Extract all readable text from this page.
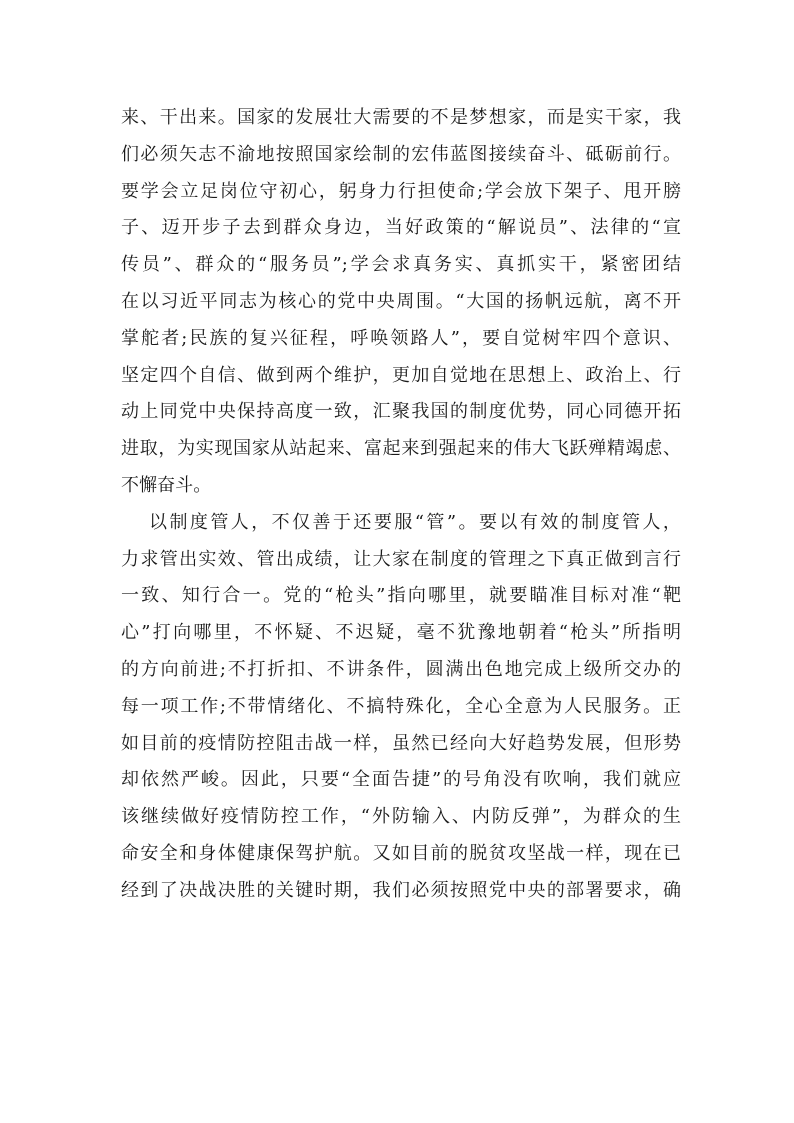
来、干出来。国家的发展壮大需要的不是梦想家，而是实干家，我
们必须矢志不渝地按照国家绘制的宏伟蓝图接续奋斗、砥砺前行。
要学会立足岗位守初心，躬身力行担使命;学会放下架子、甩开膀
子、迈开步子去到群众身边，当好政策的“解说员”、法律的“宣
传员”、群众的“服务员”;学会求真务实、真抓实干，紧密团结
在以习近平同志为核心的党中央周围。“大国的扬帆远航，离不开
掌舵者;民族的复兴征程，呼唤领路人”，要自觉树牢四个意识、
坚定四个自信、做到两个维护，更加自觉地在思想上、政治上、行
动上同党中央保持高度一致，汇聚我国的制度优势，同心同德开拓
进取，为实现国家从站起来、富起来到强起来的伟大飞跃殚精竭虑、
不懈奋斗。
以制度管人，不仅善于还要服“管”。要以有效的制度管人，
力求管出实效、管出成绩，让大家在制度的管理之下真正做到言行
一致、知行合一。党的“枪头”指向哪里，就要瞄准目标对准“靶
心”打向哪里，不怀疑、不迟疑，毫不犹豫地朝着“枪头”所指明
的方向前进;不打折扣、不讲条件，圆满出色地完成上级所交办的
每一项工作;不带情绪化、不搞特殊化，全心全意为人民服务。正
如目前的疫情防控阻击战一样，虽然已经向大好趋势发展，但形势
却依然严峻。因此，只要“全面告捷”的号角没有吹响，我们就应
该继续做好疫情防控工作，“外防输入、内防反弹”，为群众的生
命安全和身体健康保驾护航。又如目前的脱贫攻坚战一样，现在已
经到了决战决胜的关键时期，我们必须按照党中央的部署要求，确
